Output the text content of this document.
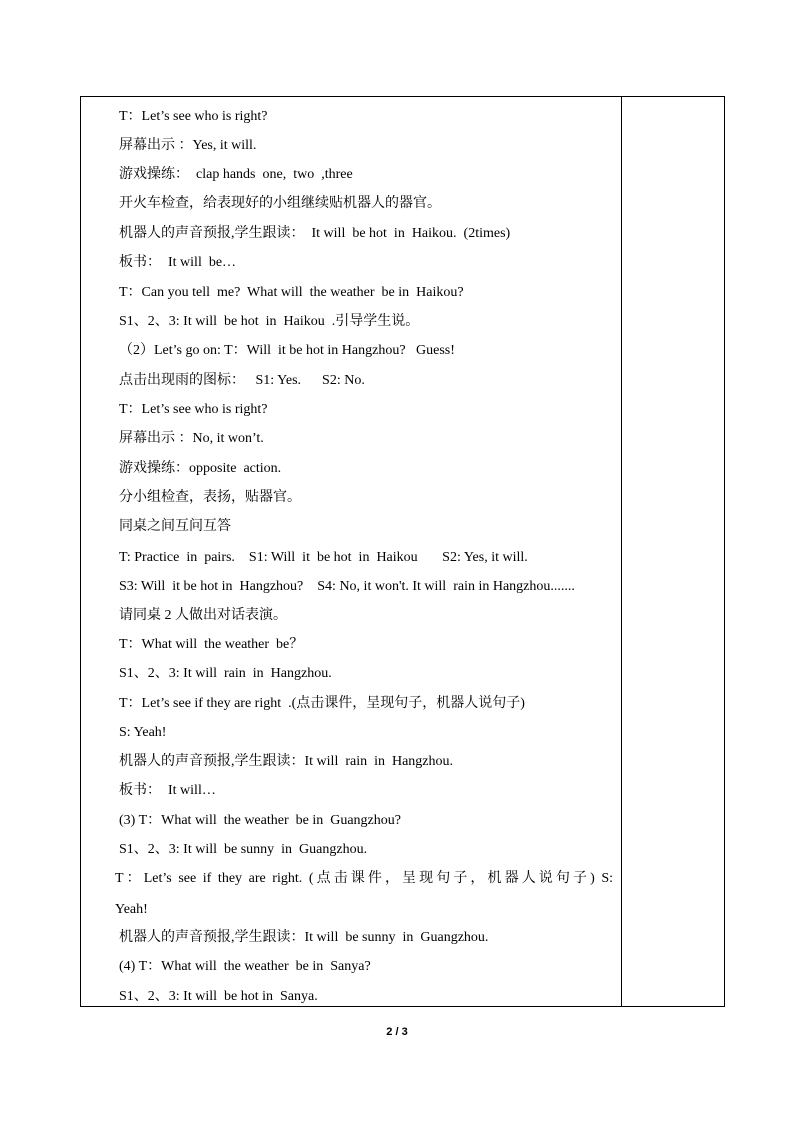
T：Let’s see who is right?
屏幕出示 ：Yes, it will.
游戏操练：  clap hands  one,  two  ,three
开火车检查，给表现好的小组继续贴机器人的器官。
机器人的声音预报,学生跟读：  It will  be hot  in  Haikou.  (2times)
板书：  It will  be…
T：Can you tell  me?  What will  the weather  be in  Haikou?
S1、2、3: It will  be hot  in  Haikou  .引导学生说。
（2）Let’s go on: T：Will  it be hot in Hangzhou?   Guess!
点击出现雨的图标：   S1: Yes.      S2: No.
T：Let’s see who is right?
屏幕出示 ：No, it won’t.
游戏操练：opposite  action.
分小组检查，表扬，贴器官。
同桌之间互问互答
T: Practice  in  pairs.    S1: Will  it  be hot  in  Haikou       S2: Yes, it will.
S3: Will  it be hot in  Hangzhou?    S4: No, it won't. It will  rain in Hangzhou.......
请同桌 2 人做出对话表演。
T：What will  the weather  be？
S1、2、3: It will  rain  in  Hangzhou.
T：Let’s see if they are right  .(点击课件，呈现句子，机器人说句子)
S: Yeah!
机器人的声音预报,学生跟读：It will  rain  in  Hangzhou.
板书：  It will…
(3) T：What will  the weather  be in  Guangzhou?
S1、2、3: It will  be sunny  in  Guangzhou.
T：Let’s see if they are right. (点击课件，呈现句子，机器人说句子) S:
Yeah!
机器人的声音预报,学生跟读：It will  be sunny  in  Guangzhou.
(4) T：What will  the weather  be in  Sanya?
S1、2、3: It will  be hot in  Sanya.
2 / 3
